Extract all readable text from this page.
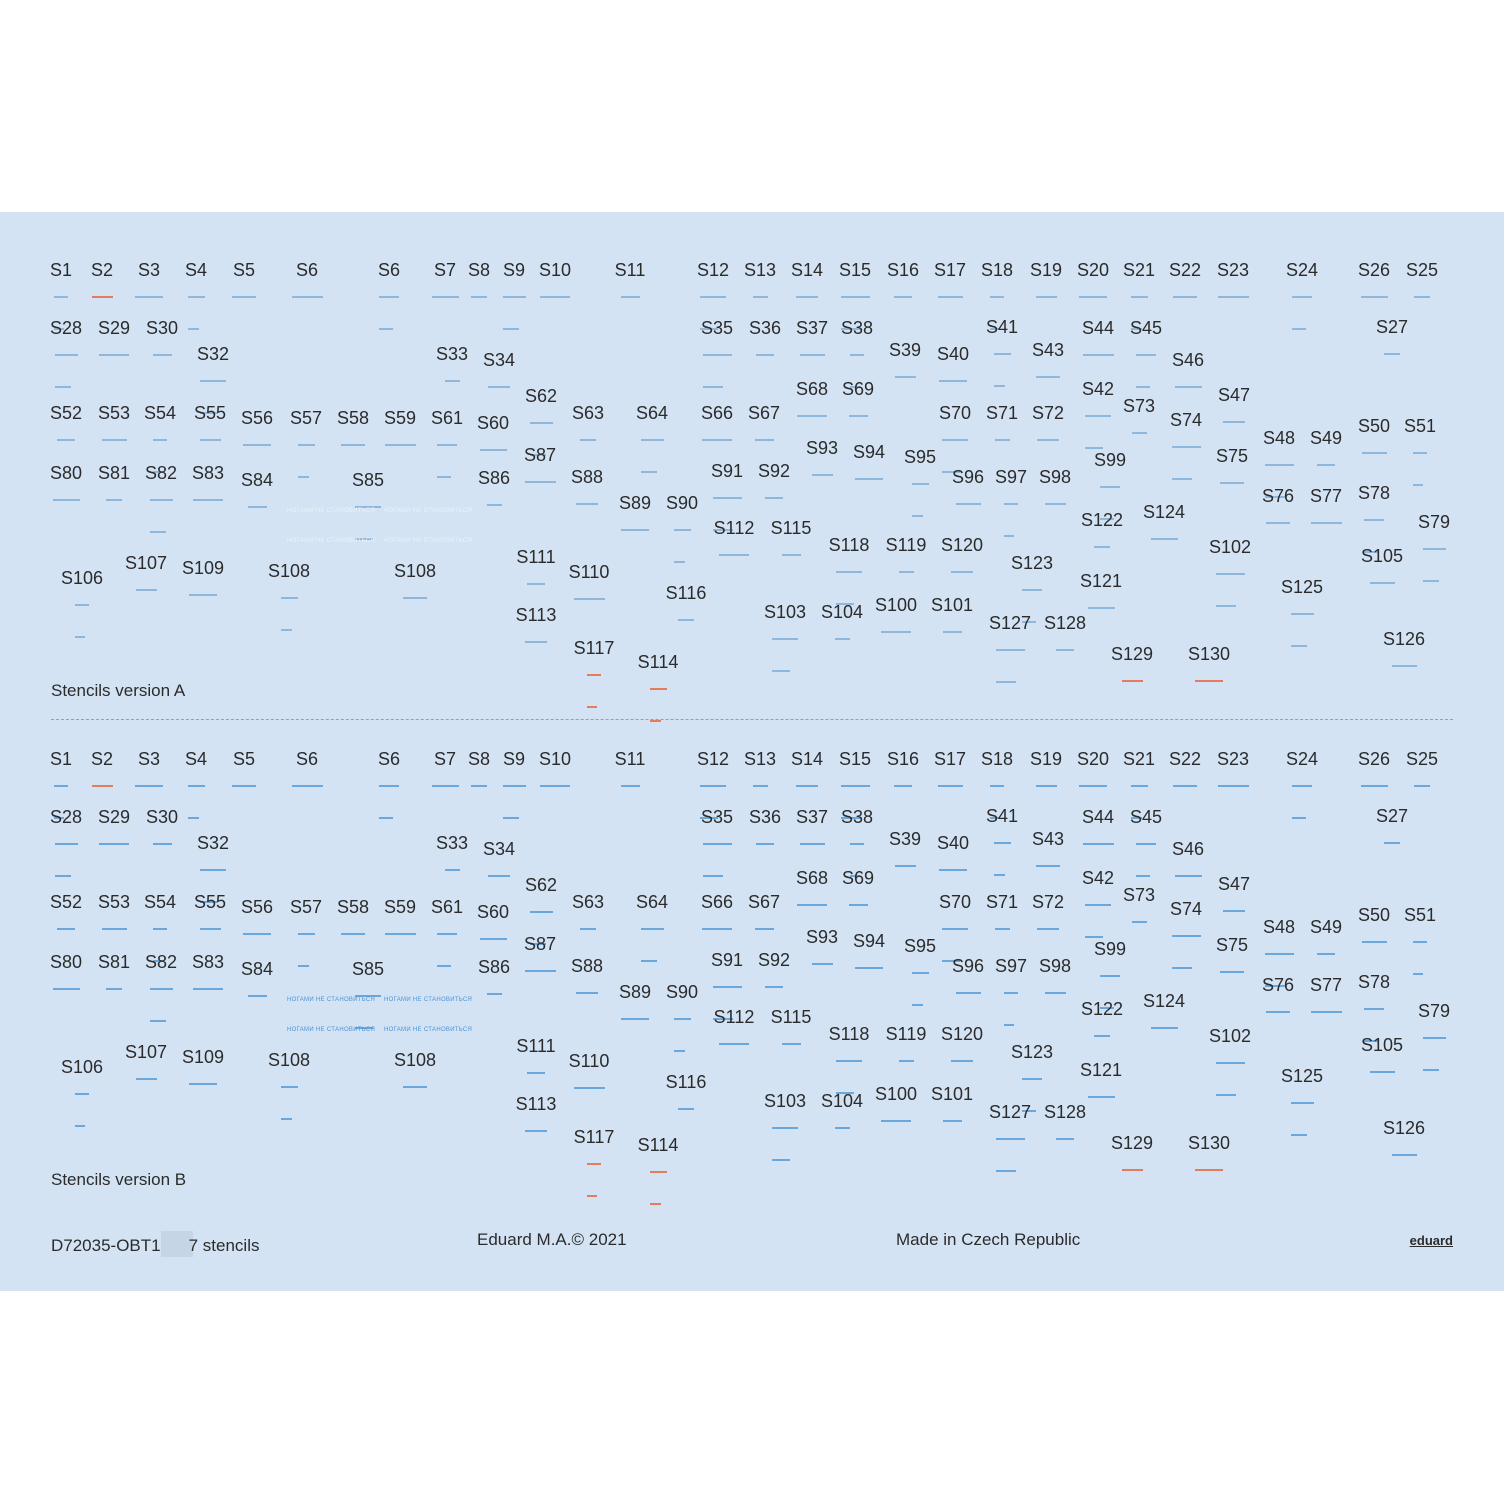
Stencils version A
S1 S2 S3 S4 S5 S6	S6 S7 S8 S9 S10 S11	S12 S13 S14 S15 S16 S17 S18 S19 S20 S21 S22 S23 S24 S26 S25
S28 S29 S30
S32	S33 S34
S35 S36 S37 S38
S39 S40
S41
S43
S44 S45
S46
S27
S62	S68 S69	S42
S73
S47
S74
S52 S53 S54 S55 S56 S57 S58 S59 S61 S60	S63 S64 S66 S67	S70 S71 S72
S48 S49
S50 S51
S93 S94 S95	S75
S87	S99
S80 S81 S82 S83 S84	S85	S86	S88	S91 S92	S96 S97 S98
S89 S90	S76 S77 S78
S124
S122	S79
S112 S115
S118 S119 S120	S102
S111	S105
S106
S107 S109 S108	S108	S110	S123
S121
S116	S125
S100 S101
S103 S104
S113	S127 S128
S126
S117	S129 S130
S114
НОГАМИ НЕ СТАНОВИТЬСЯ НОГАМИ НЕ СТАНОВИТЬСЯ
НОГАМИ НЕ СТАНОВИТЬСЯ НОГАМИ НЕ СТАНОВИТЬСЯ
Stencils version B
S1 S2 S3 S4 S5 S6	S6 S7 S8 S9 S10 S11	S12 S13 S14 S15 S16 S17 S18 S19 S20 S21 S22 S23 S24 S26 S25
S28 S29 S30
S32	S33 S34
S35 S36 S37 S38
S39 S40
S41
S43
S44 S45
S46
S27
S62	S68 S69	S42
S73
S47
S74
S52 S53 S54 S55 S56 S57 S58 S59 S61 S60	S63 S64 S66 S67	S70 S71 S72
S48 S49
S50 S51
S93 S94 S95	S75
S87	S99
S80 S81 S82 S83 S84	S85	S86	S88	S91 S92	S96 S97 S98
S89 S90	S76 S77 S78
S124
S122	S79
S112 S115
S118 S119 S120	S102
S111	S105
S106
S107 S109 S108	S108	S110	S123
S121
S116	S125
S100 S101
S103 S104
S113	S127 S128
S126
S117	S129 S130
S114
НОГАМИ НЕ СТАНОВИТЬСЯ НОГАМИ НЕ СТАНОВИТЬСЯ
НОГАМИ НЕ СТАНОВИТЬСЯ НОГАМИ НЕ СТАНОВИТЬСЯ
D72035-OBT1 7 stencils	Eduard M.A.© 2021	Made in Czech Republic	eduard
